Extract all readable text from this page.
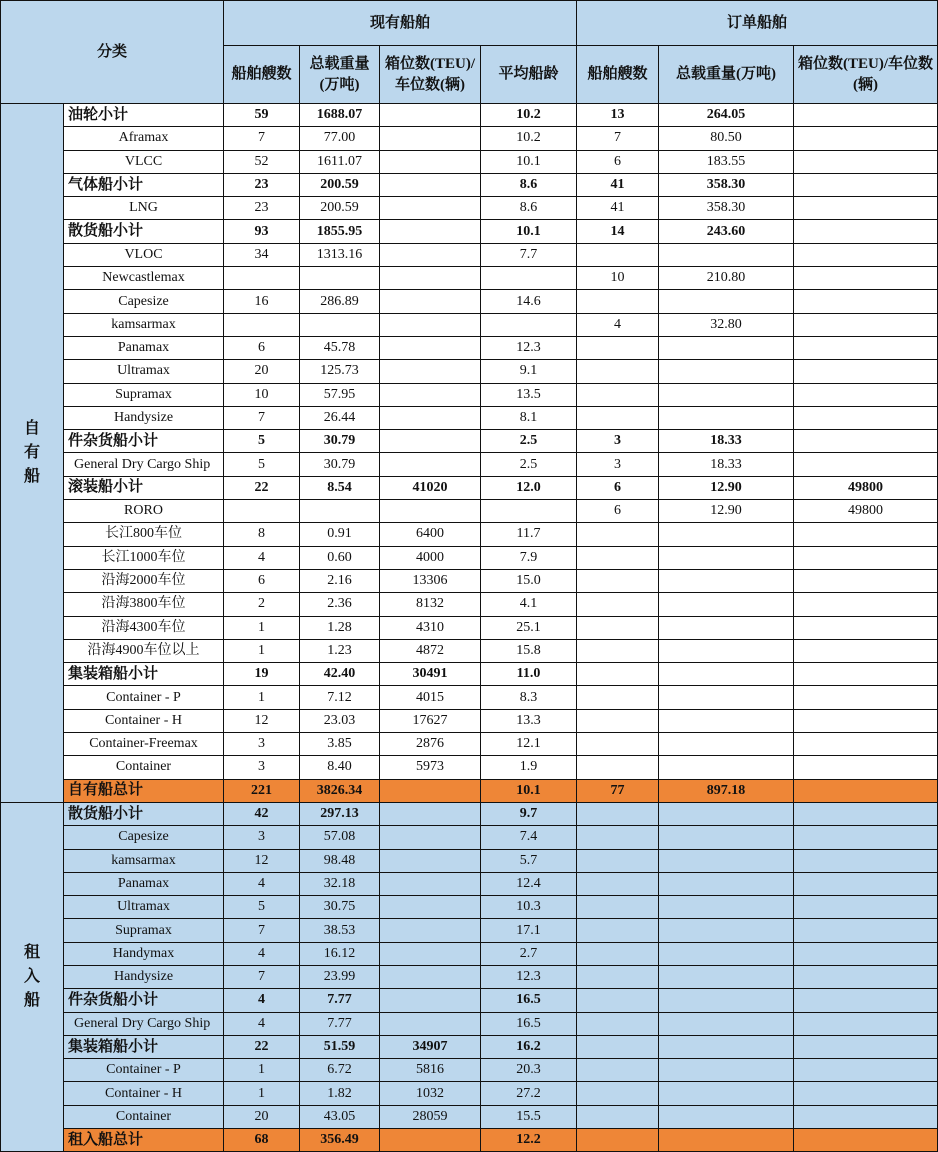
分类		现有船舶				订单船舶		
		船舶艘数	总载重量(万吨)	箱位数(TEU)/车位数(辆)	平均船龄	船舶艘数	总载重量(万吨)	箱位数(TEU)/车位数(辆)
自有船	油轮小计	59	1688.07		10.2	13	264.05	
	Aframax	7	77.00		10.2	7	80.50	
	VLCC	52	1611.07		10.1	6	183.55	
	气体船小计	23	200.59		8.6	41	358.30	
	LNG	23	200.59		8.6	41	358.30	
	散货船小计	93	1855.95		10.1	14	243.60	
	VLOC	34	1313.16		7.7			
	Newcastlemax					10	210.80	
	Capesize	16	286.89		14.6			
	kamsarmax					4	32.80	
	Panamax	6	45.78		12.3			
	Ultramax	20	125.73		9.1			
	Supramax	10	57.95		13.5			
	Handysize	7	26.44		8.1			
	件杂货船小计	5	30.79		2.5	3	18.33	
	General Dry Cargo Ship	5	30.79		2.5	3	18.33	
	滚装船小计	22	8.54	41020	12.0	6	12.90	49800
	RORO					6	12.90	49800
	长江800车位	8	0.91	6400	11.7			
	长江1000车位	4	0.60	4000	7.9			
	沿海2000车位	6	2.16	13306	15.0			
	沿海3800车位	2	2.36	8132	4.1			
	沿海4300车位	1	1.28	4310	25.1			
	沿海4900车位以上	1	1.23	4872	15.8			
	集装箱船小计	19	42.40	30491	11.0			
	Container - P	1	7.12	4015	8.3			
	Container - H	12	23.03	17627	13.3			
	Container-Freemax	3	3.85	2876	12.1			
	Container	3	8.40	5973	1.9			
	自有船总计	221	3826.34		10.1	77	897.18	
租入船	散货船小计	42	297.13		9.7			
	Capesize	3	57.08		7.4			
	kamsarmax	12	98.48		5.7			
	Panamax	4	32.18		12.4			
	Ultramax	5	30.75		10.3			
	Supramax	7	38.53		17.1			
	Handymax	4	16.12		2.7			
	Handysize	7	23.99		12.3			
	件杂货船小计	4	7.77		16.5			
	General Dry Cargo Ship	4	7.77		16.5			
	集装箱船小计	22	51.59	34907	16.2			
	Container - P	1	6.72	5816	20.3			
	Container - H	1	1.82	1032	27.2			
	Container	20	43.05	28059	15.5			
	租入船总计	68	356.49		12.2			
